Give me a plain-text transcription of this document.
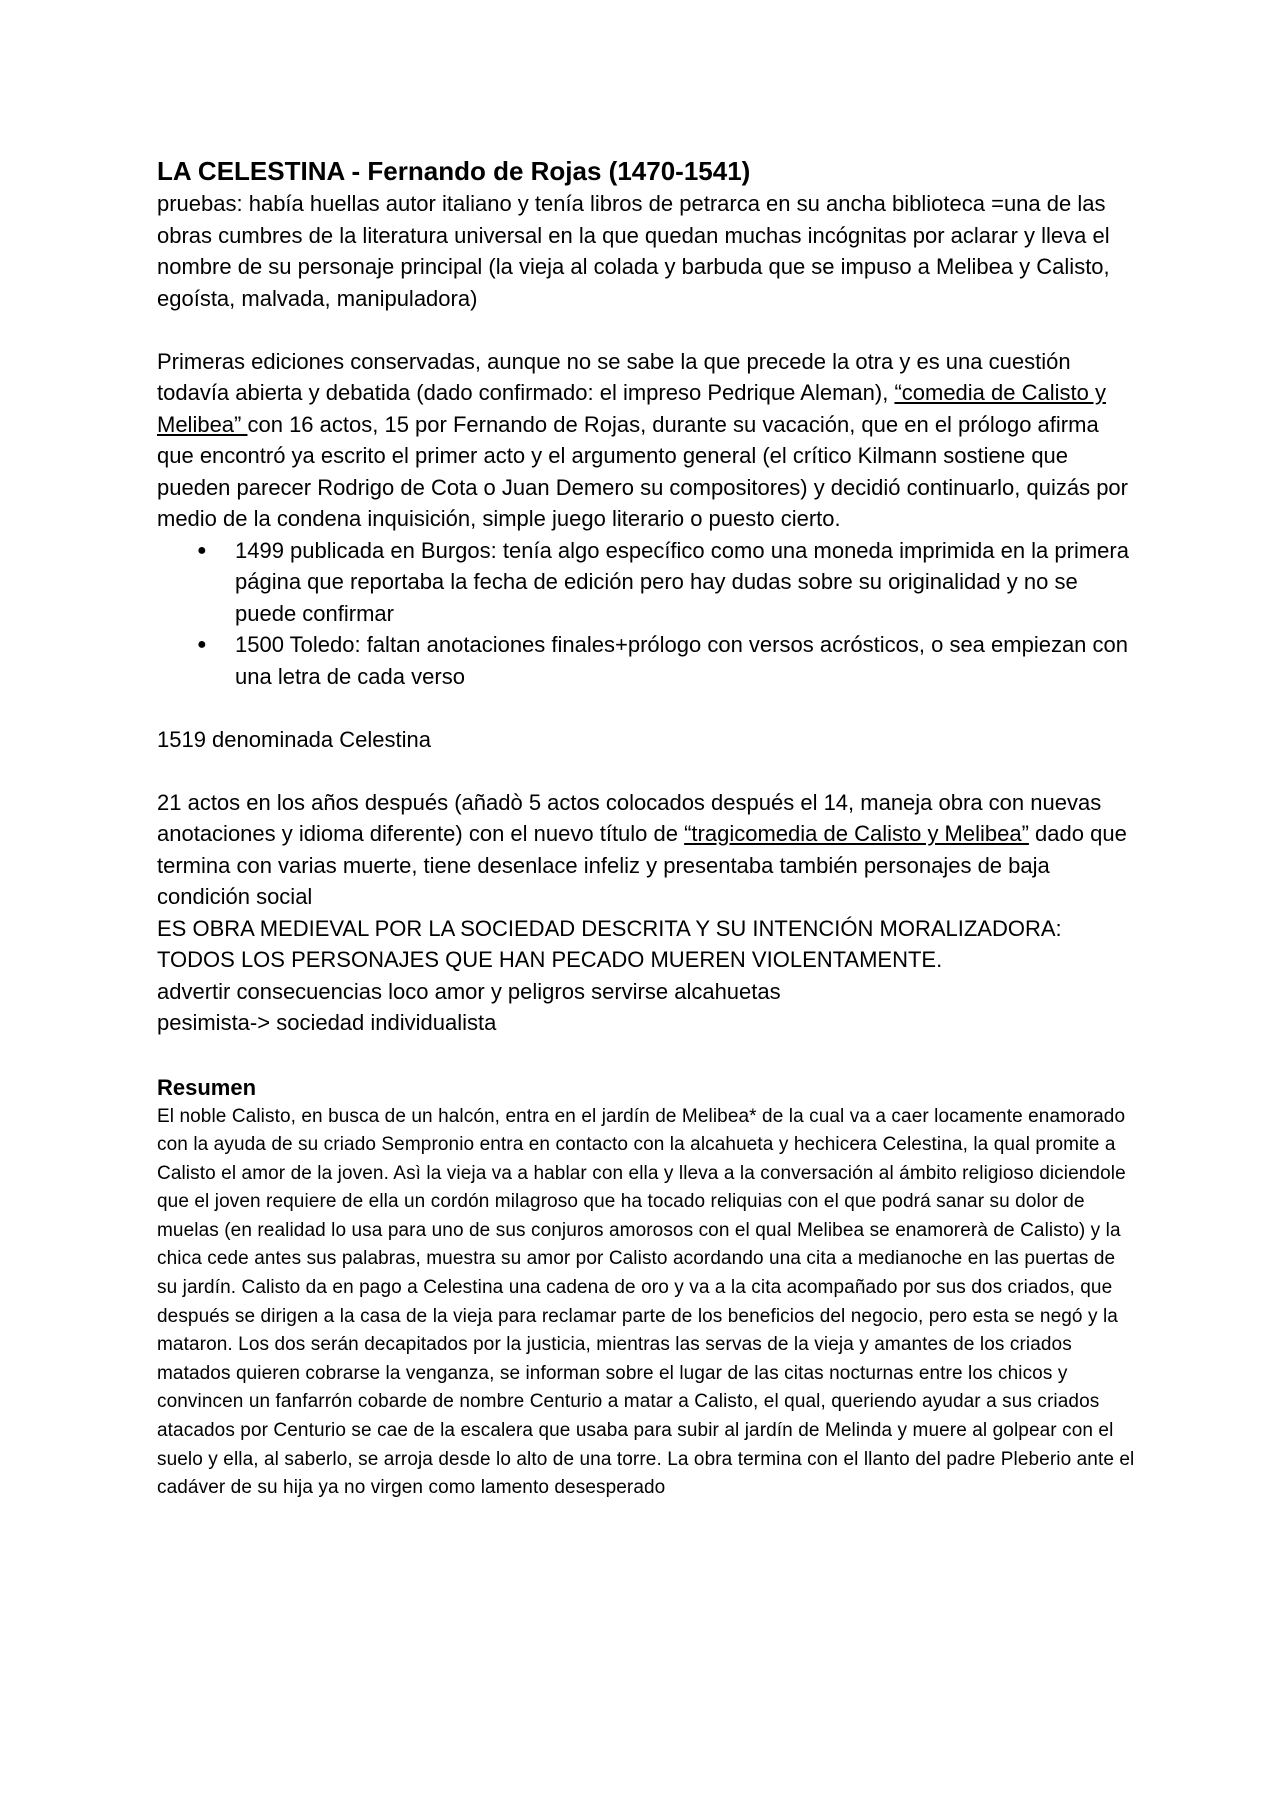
LA CELESTINA - Fernando de Rojas (1470-1541)

pruebas: había huellas autor italiano y tenía libros de petrarca en su ancha biblioteca =una de las obras cumbres de la literatura universal en la que quedan muchas incógnitas por aclarar y lleva el nombre de su personaje principal (la vieja al colada y barbuda que se impuso a Melibea y Calisto, egoísta, malvada, manipuladora)

Primeras ediciones conservadas, aunque no se sabe la que precede la otra y es una cuestión todavía abierta y debatida (dado confirmado: el impreso Pedrique Aleman), “comedia de Calisto y Melibea” con 16 actos, 15 por Fernando de Rojas, durante su vacación, que en el prólogo afirma que encontró ya escrito el primer acto y el argumento general (el crítico Kilmann sostiene que pueden parecer Rodrigo de Cota o Juan Demero su compositores) y decidió continuarlo, quizás por medio de la condena inquisición, simple juego literario o puesto cierto.

● 1499 publicada en Burgos: tenía algo específico como una moneda imprimida en la primera página que reportaba la fecha de edición pero hay dudas sobre su originalidad y no se puede confirmar
● 1500 Toledo: faltan anotaciones finales+prólogo con versos acrósticos, o sea empiezan con una letra de cada verso

1519 denominada Celestina

21 actos en los años después (añadò 5 actos colocados después el 14, maneja obra con nuevas anotaciones y idioma diferente) con el nuevo título de “tragicomedia de Calisto y Melibea” dado que termina con varias muerte, tiene desenlace infeliz y presentaba también personajes de baja condición social

ES OBRA MEDIEVAL POR LA SOCIEDAD DESCRITA Y SU INTENCIÓN MORALIZADORA: TODOS LOS PERSONAJES QUE HAN PECADO MUEREN VIOLENTAMENTE.

advertir consecuencias loco amor y peligros servirse alcahuetas

pesimista-> sociedad individualista

Resumen

El noble Calisto, en busca de un halcón, entra en el jardín de Melibea* de la cual va a caer locamente enamorado con la ayuda de su criado Sempronio entra en contacto con la alcahueta y hechicera Celestina, la qual promite a Calisto el amor de la joven. Asì la vieja va a hablar con ella y lleva a la conversación al ámbito religioso diciendole que el joven requiere de ella un cordón milagroso que ha tocado reliquias con el que podrá sanar su dolor de muelas (en realidad lo usa para uno de sus conjuros amorosos con el qual Melibea se enamorerà de Calisto) y la chica cede antes sus palabras, muestra su amor por Calisto acordando una cita a medianoche en las puertas de su jardín. Calisto da en pago a Celestina una cadena de oro y va a la cita acompañado por sus dos criados, que después se dirigen a la casa de la vieja para reclamar parte de los beneficios del negocio, pero esta se negó y la mataron. Los dos serán decapitados por la justicia, mientras las servas de la vieja y amantes de los criados matados quieren cobrarse la venganza, se informan sobre el lugar de las citas nocturnas entre los chicos y convincen un fanfarrón cobarde de nombre Centurio a matar a Calisto, el qual, queriendo ayudar a sus criados atacados por Centurio se cae de la escalera que usaba para subir al jardín de Melinda y muere al golpear con el suelo y ella, al saberlo, se arroja desde lo alto de una torre. La obra termina con el llanto del padre Pleberio ante el cadáver de su hija ya no virgen como lamento desesperado
